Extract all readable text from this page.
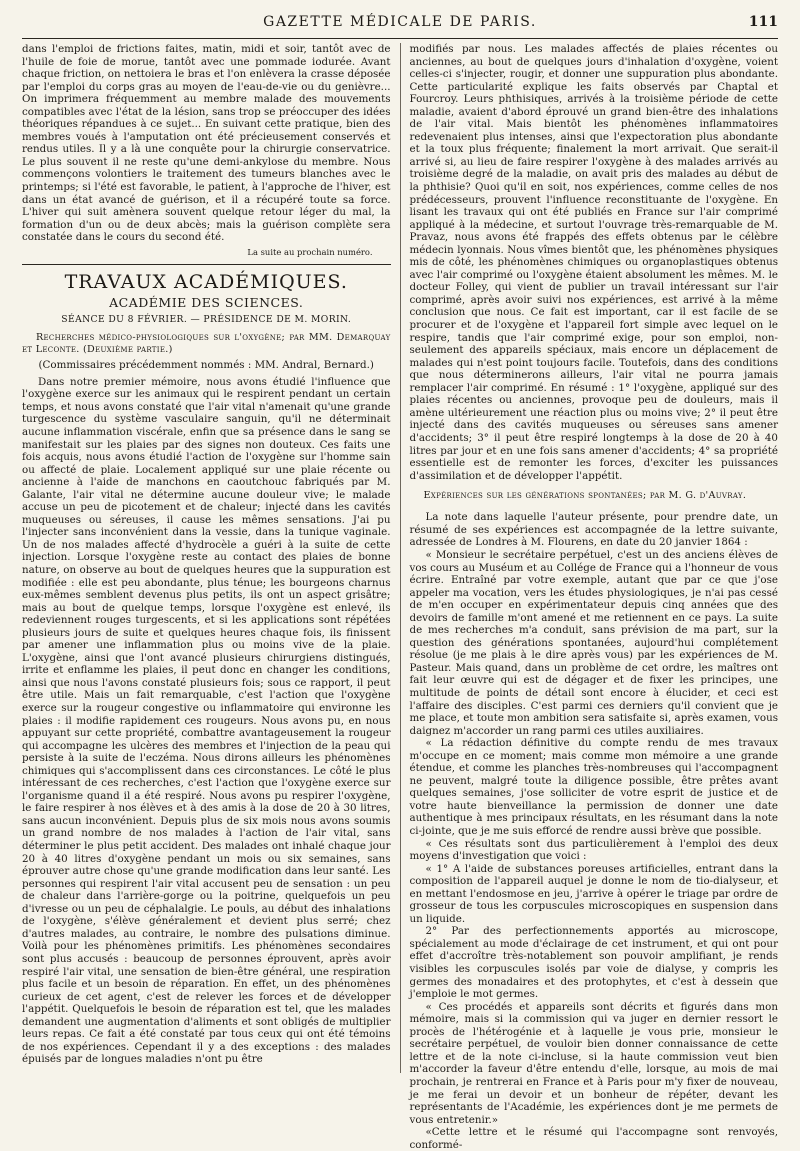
GAZETTE MÉDICALE DE PARIS.	111

dans l'emploi de frictions faites, matin, midi et soir, tantôt avec de l'huile de foie de morue, tantôt avec une pommade iodurée. Avant chaque friction, on nettoiera le bras et l'on enlèvera la crasse déposée par l'emploi du corps gras au moyen de l'eau-de-vie ou du genièvre... On imprimera fréquemment au membre malade des mouvements compatibles avec l'état de la lésion, sans trop se préoccuper des idées théoriques répandues à ce sujet... En suivant cette pratique, bien des membres voués à l'amputation ont été précieusement conservés et rendus utiles. Il y a là une conquête pour la chirurgie conservatrice. Le plus souvent il ne reste qu'une demi-ankylose du membre. Nous commençons volontiers le traitement des tumeurs blanches avec le printemps; si l'été est favorable, le patient, à l'approche de l'hiver, est dans un état avancé de guérison, et il a récupéré toute sa force. L'hiver qui suit amènera souvent quelque retour léger du mal, la formation d'un ou de deux abcès; mais la guérison complète sera constatée dans le cours du second été.

La suite au prochain numéro.
TRAVAUX ACADÉMIQUES.
ACADÉMIE DES SCIENCES.
SÉANCE DU 8 FÉVRIER. — PRÉSIDENCE DE M. MORIN.
Recherches médico-physiologiques sur l'oxygène; par MM. Demarquay et Leconte. (Deuxième partie.)
(Commissaires précédemment nommés : MM. Andral, Bernard.)

Dans notre premier mémoire, nous avons étudié l'influence que l'oxygène exerce sur les animaux qui le respirent pendant un certain temps, et nous avons constaté que l'air vital n'amenait qu'une grande turgescence du système vasculaire sanguin, qu'il ne déterminait aucune inflammation viscérale, enfin que sa présence dans le sang se manifestait sur les plaies par des signes non douteux. Ces faits une fois acquis, nous avons étudié l'action de l'oxygène sur l'homme sain ou affecté de plaie. Localement appliqué sur une plaie récente ou ancienne à l'aide de manchons en caoutchouc fabriqués par M. Galante, l'air vital ne détermine aucune douleur vive; le malade accuse un peu de picotement et de chaleur; injecté dans les cavités muqueuses ou séreuses, il cause les mêmes sensations. J'ai pu l'injecter sans inconvénient dans la vessie, dans la tunique vaginale. Un de nos malades affecté d'hydrocèle a guéri à la suite de cette injection. Lorsque l'oxygène reste au contact des plaies de bonne nature, on observe au bout de quelques heures que la suppuration est modifiée : elle est peu abondante, plus ténue; les bourgeons charnus eux-mêmes semblent devenus plus petits, ils ont un aspect grisâtre; mais au bout de quelque temps, lorsque l'oxygène est enlevé, ils redeviennent rouges turgescents, et si les applications sont répétées plusieurs jours de suite et quelques heures chaque fois, ils finissent par amener une inflammation plus ou moins vive de la plaie. L'oxygène, ainsi que l'ont avancé plusieurs chirurgiens distingués, irrite et enflamme les plaies, il peut donc en changer les conditions, ainsi que nous l'avons constaté plusieurs fois; sous ce rapport, il peut être utile. Mais un fait remarquable, c'est l'action que l'oxygène exerce sur la rougeur congestive ou inflammatoire qui environne les plaies : il modifie rapidement ces rougeurs. Nous avons pu, en nous appuyant sur cette propriété, combattre avantageusement la rougeur qui accompagne les ulcères des membres et l'injection de la peau qui persiste à la suite de l'eczéma. Nous dirons ailleurs les phénomènes chimiques qui s'accomplissent dans ces circonstances. Le côté le plus intéressant de ces recherches, c'est l'action que l'oxygène exerce sur l'organisme quand il a été respiré. Nous avons pu respirer l'oxygène, le faire respirer à nos élèves et à des amis à la dose de 20 à 30 litres, sans aucun inconvénient. Depuis plus de six mois nous avons soumis un grand nombre de nos malades à l'action de l'air vital, sans déterminer le plus petit accident. Des malades ont inhalé chaque jour 20 à 40 litres d'oxygène pendant un mois ou six semaines, sans éprouver autre chose qu'une grande modification dans leur santé. Les personnes qui respirent l'air vital accusent peu de sensation : un peu de chaleur dans l'arrière-gorge ou la poitrine, quelquefois un peu d'ivresse ou un peu de céphalalgie. Le pouls, au début des inhalations de l'oxygène, s'élève généralement et devient plus serré; chez d'autres malades, au contraire, le nombre des pulsations diminue. Voilà pour les phénomènes primitifs. Les phénomènes secondaires sont plus accusés : beaucoup de personnes éprouvent, après avoir respiré l'air vital, une sensation de bien-être général, une respiration plus facile et un besoin de réparation. En effet, un des phénomènes curieux de cet agent, c'est de relever les forces et de développer l'appétit. Quelquefois le besoin de réparation est tel, que les malades demandent une augmentation d'aliments et sont obligés de multiplier leurs repas. Ce fait a été constaté par tous ceux qui ont été témoins de nos expériences. Cependant il y a des exceptions : des malades épuisés par de longues maladies n'ont pu être

modifiés par nous. Les malades affectés de plaies récentes ou anciennes, au bout de quelques jours d'inhalation d'oxygène, voient celles-ci s'injecter, rougir, et donner une suppuration plus abondante. Cette particularité explique les faits observés par Chaptal et Fourcroy. Leurs phthisiques, arrivés à la troisième période de cette maladie, avaient d'abord éprouvé un grand bien-être des inhalations de l'air vital. Mais bientôt les phénomènes inflammatoires redevenaient plus intenses, ainsi que l'expectoration plus abondante et la toux plus fréquente; finalement la mort arrivait. Que serait-il arrivé si, au lieu de faire respirer l'oxygène à des malades arrivés au troisième degré de la maladie, on avait pris des malades au début de la phthisie? Quoi qu'il en soit, nos expériences, comme celles de nos prédécesseurs, prouvent l'influence reconstituante de l'oxygène. En lisant les travaux qui ont été publiés en France sur l'air comprimé appliqué à la médecine, et surtout l'ouvrage très-remarquable de M. Pravaz, nous avons été frappés des effets obtenus par le célèbre médecin lyonnais. Nous vîmes bientôt que, les phénomènes physiques mis de côté, les phénomènes chimiques ou organoplastiques obtenus avec l'air comprimé ou l'oxygène étaient absolument les mêmes. M. le docteur Folley, qui vient de publier un travail intéressant sur l'air comprimé, après avoir suivi nos expériences, est arrivé à la même conclusion que nous. Ce fait est important, car il est facile de se procurer et de l'oxygène et l'appareil fort simple avec lequel on le respire, tandis que l'air comprimé exige, pour son emploi, non-seulement des appareils spéciaux, mais encore un déplacement de malades qui n'est point toujours facile. Toutefois, dans des conditions que nous déterminerons ailleurs, l'air vital ne pourra jamais remplacer l'air comprimé. En résumé : 1° l'oxygène, appliqué sur des plaies récentes ou anciennes, provoque peu de douleurs, mais il amène ultérieurement une réaction plus ou moins vive; 2° il peut être injecté dans des cavités muqueuses ou séreuses sans amener d'accidents; 3° il peut être respiré longtemps à la dose de 20 à 40 litres par jour et en une fois sans amener d'accidents; 4° sa propriété essentielle est de remonter les forces, d'exciter les puissances d'assimilation et de développer l'appétit.

Expériences sur les générations spontanées; par M. G. d'Auvray.

La note dans laquelle l'auteur présente, pour prendre date, un résumé de ses expériences est accompagnée de la lettre suivante, adressée de Londres à M. Flourens, en date du 20 janvier 1864 :

« Monsieur le secrétaire perpétuel, c'est un des anciens élèves de vos cours au Muséum et au Collége de France qui a l'honneur de vous écrire. Entraîné par votre exemple, autant que par ce que j'ose appeler ma vocation, vers les études physiologiques, je n'ai pas cessé de m'en occuper en expérimentateur depuis cinq années que des devoirs de famille m'ont amené et me retiennent en ce pays. La suite de mes recherches m'a conduit, sans prévision de ma part, sur la question des générations spontanées, aujourd'hui complétement résolue (je me plais à le dire après vous) par les expériences de M. Pasteur. Mais quand, dans un problème de cet ordre, les maîtres ont fait leur œuvre qui est de dégager et de fixer les principes, une multitude de points de détail sont encore à élucider, et ceci est l'affaire des disciples. C'est parmi ces derniers qu'il convient que je me place, et toute mon ambition sera satisfaite si, après examen, vous daignez m'accorder un rang parmi ces utiles auxiliaires.

« La rédaction définitive du compte rendu de mes travaux m'occupe en ce moment; mais comme mon mémoire a une grande étendue, et comme les planches très-nombreuses qui l'accompagnent ne peuvent, malgré toute la diligence possible, être prêtes avant quelques semaines, j'ose solliciter de votre esprit de justice et de votre haute bienveillance la permission de donner une date authentique à mes principaux résultats, en les résumant dans la note ci-jointe, que je me suis efforcé de rendre aussi brève que possible.

« Ces résultats sont dus particulièrement à l'emploi des deux moyens d'investigation que voici :

« 1° A l'aide de substances poreuses artificielles, entrant dans la composition de l'appareil auquel je donne le nom de tio-dialyseur, et en mettant l'endosmose en jeu, j'arrive à opérer le triage par ordre de grosseur de tous les corpuscules microscopiques en suspension dans un liquide.

2° Par des perfectionnements apportés au microscope, spécialement au mode d'éclairage de cet instrument, et qui ont pour effet d'accroître très-notablement son pouvoir amplifiant, je rends visibles les corpuscules isolés par voie de dialyse, y compris les germes des monadaires et des protophytes, et c'est à dessein que j'emploie le mot germes.

« Ces procédés et appareils sont décrits et figurés dans mon mémoire, mais si la commission qui va juger en dernier ressort le procès de l'hétérogénie et à laquelle je vous prie, monsieur le secrétaire perpétuel, de vouloir bien donner connaissance de cette lettre et de la note ci-incluse, si la haute commission veut bien m'accorder la faveur d'être entendu d'elle, lorsque, au mois de mai prochain, je rentrerai en France et à Paris pour m'y fixer de nouveau, je me ferai un devoir et un bonheur de répéter, devant les représentants de l'Académie, les expériences dont je me permets de vous entretenir.»

«Cette lettre et le résumé qui l'accompagne sont renvoyés, conformé-
